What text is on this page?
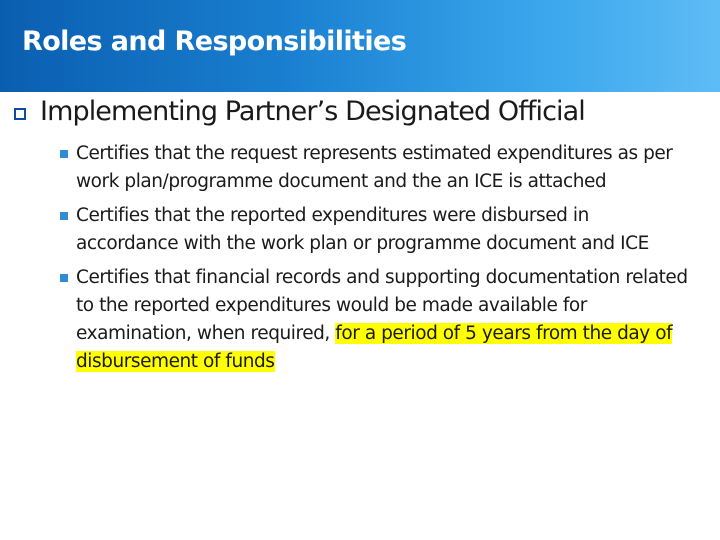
Roles and Responsibilities
Implementing Partner’s Designated Official
Certifies that the request represents estimated expenditures as per work plan/programme document and the an ICE is attached
Certifies that the reported expenditures were disbursed in accordance with the work plan or programme document and ICE
Certifies that financial records and supporting documentation related to the reported expenditures would be made available for examination, when required, for a period of 5 years from the day of disbursement of funds
